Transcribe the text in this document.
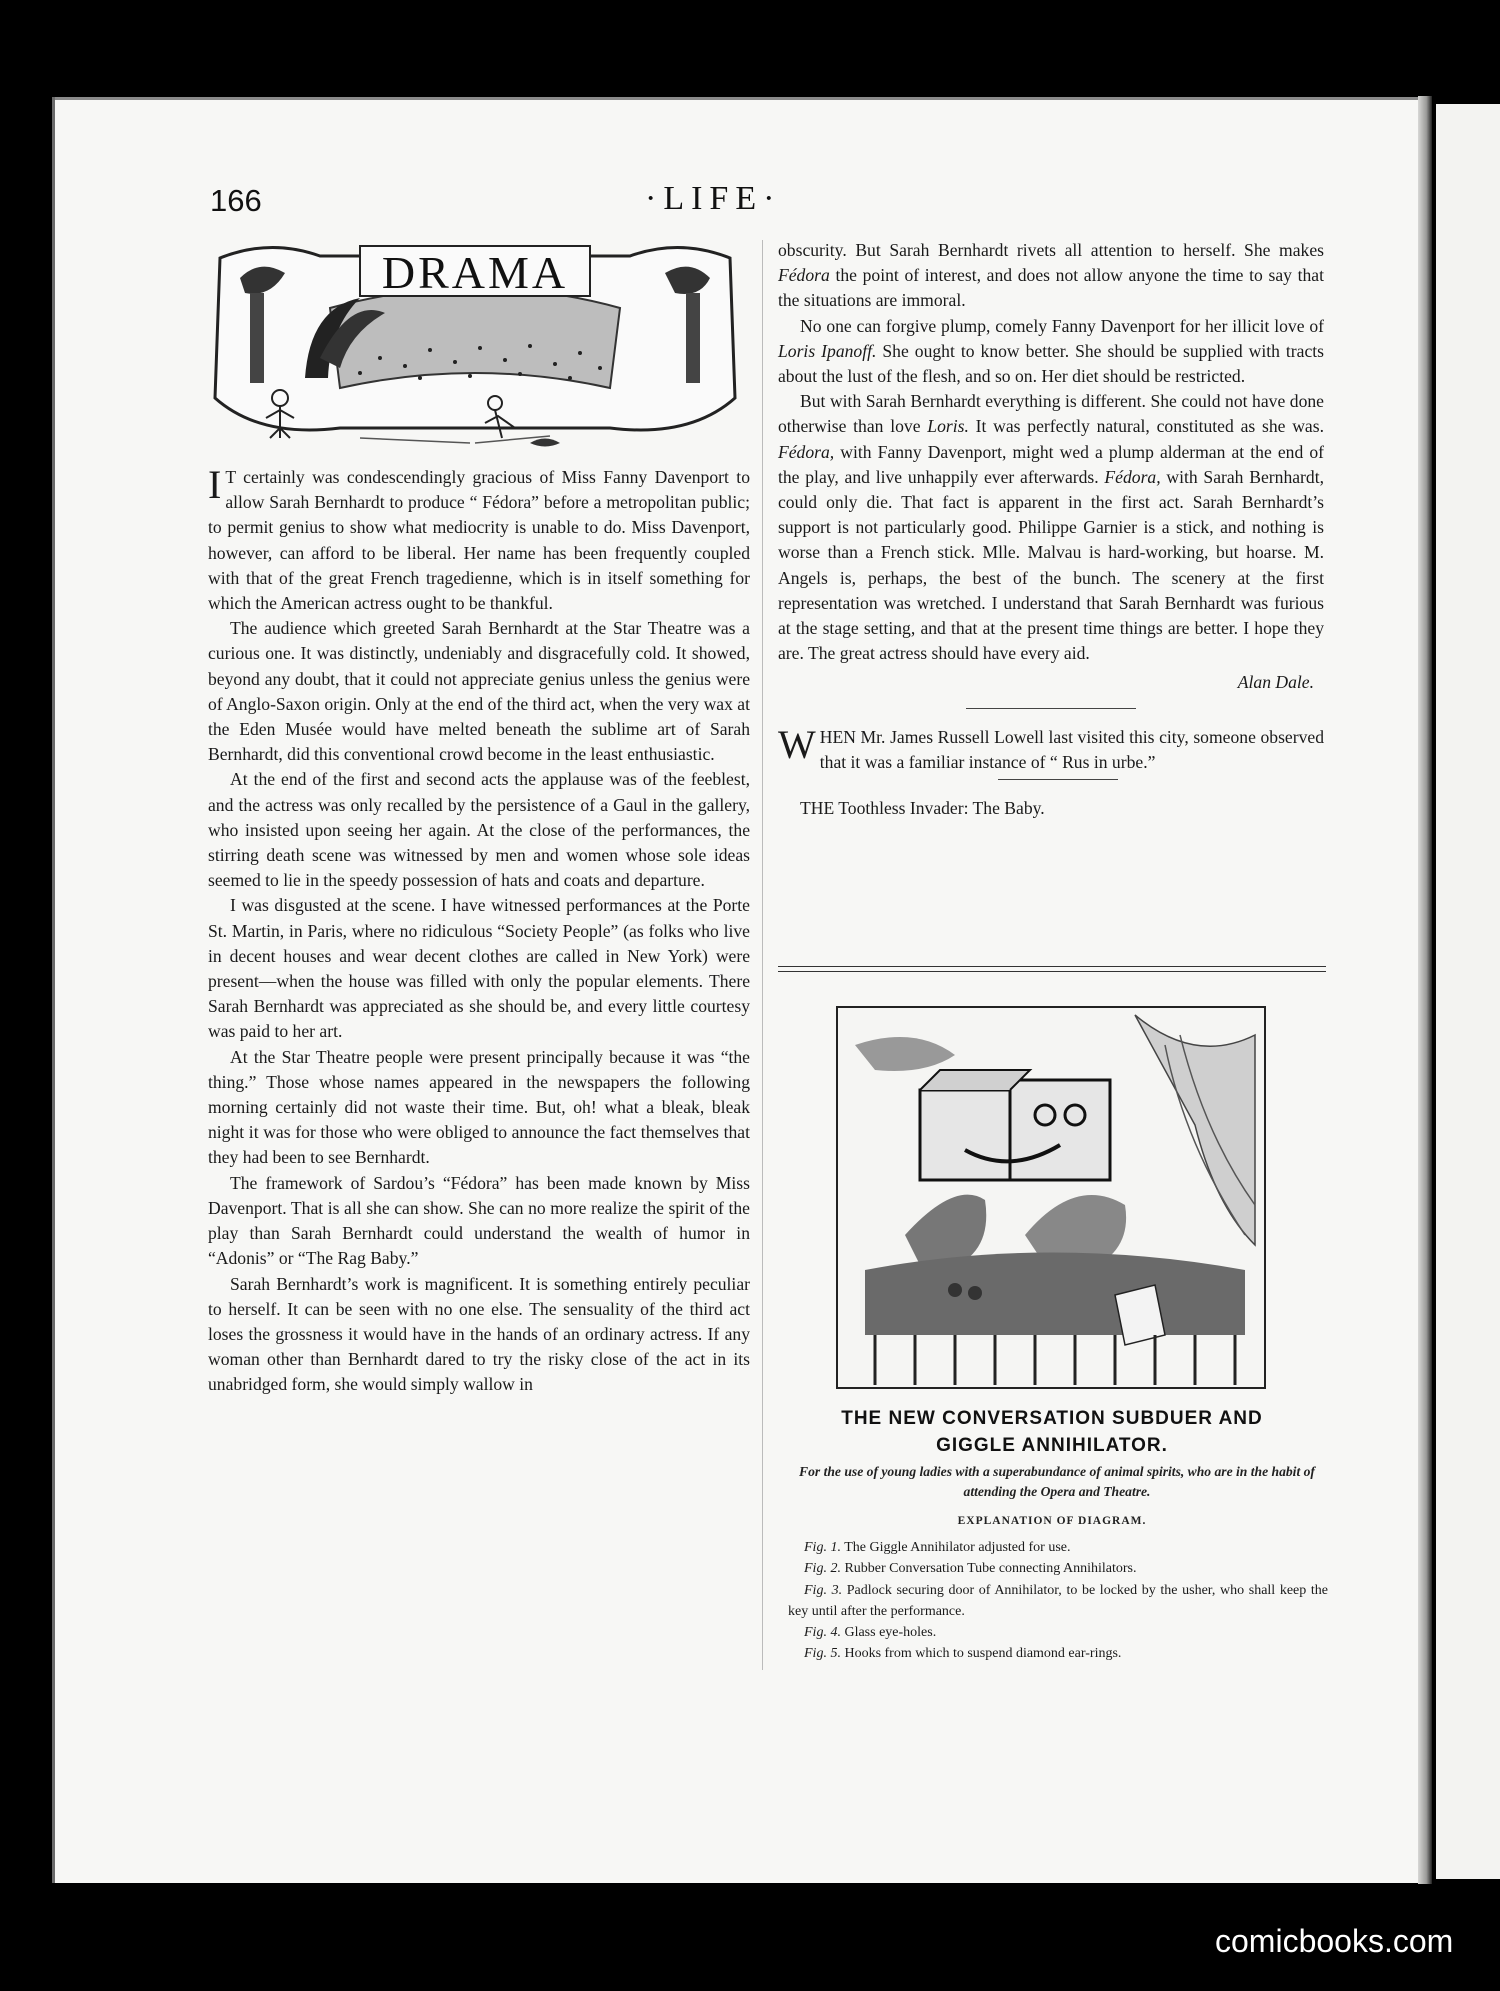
166	·LIFE·
DRAMA

I T certainly was condescendingly gracious of Miss Fanny Davenport to allow Sarah Bernhardt to produce “ Fédora” before a metropolitan public; to permit genius to show what mediocrity is unable to do. Miss Davenport, however, can afford to be liberal. Her name has been frequently coupled with that of the great French tragedienne, which is in itself something for which the American actress ought to be thankful.

The audience which greeted Sarah Bernhardt at the Star Theatre was a curious one. It was distinctly, undeniably and disgracefully cold. It showed, beyond any doubt, that it could not appreciate genius unless the genius were of Anglo-Saxon origin. Only at the end of the third act, when the very wax at the Eden Musée would have melted beneath the sublime art of Sarah Bernhardt, did this conventional crowd become in the least enthusiastic.

At the end of the first and second acts the applause was of the feeblest, and the actress was only recalled by the persistence of a Gaul in the gallery, who insisted upon seeing her again. At the close of the performances, the stirring death scene was witnessed by men and women whose sole ideas seemed to lie in the speedy possession of hats and coats and departure.

I was disgusted at the scene. I have witnessed performances at the Porte St. Martin, in Paris, where no ridiculous “Society People” (as folks who live in decent houses and wear decent clothes are called in New York) were present—when the house was filled with only the popular elements. There Sarah Bernhardt was appreciated as she should be, and every little courtesy was paid to her art.

At the Star Theatre people were present principally because it was “the thing.” Those whose names appeared in the newspapers the following morning certainly did not waste their time. But, oh! what a bleak, bleak night it was for those who were obliged to announce the fact themselves that they had been to see Bernhardt.

The framework of Sardou’s “Fédora” has been made known by Miss Davenport. That is all she can show. She can no more realize the spirit of the play than Sarah Bernhardt could understand the wealth of humor in “Adonis” or “The Rag Baby.”

Sarah Bernhardt’s work is magnificent. It is something entirely peculiar to herself. It can be seen with no one else. The sensuality of the third act loses the grossness it would have in the hands of an ordinary actress. If any woman other than Bernhardt dared to try the risky close of the act in its unabridged form, she would simply wallow in

obscurity. But Sarah Bernhardt rivets all attention to herself. She makes Fédora the point of interest, and does not allow anyone the time to say that the situations are immoral.

No one can forgive plump, comely Fanny Davenport for her illicit love of Loris Ipanoff. She ought to know better. She should be supplied with tracts about the lust of the flesh, and so on. Her diet should be restricted.

But with Sarah Bernhardt everything is different. She could not have done otherwise than love Loris. It was perfectly natural, constituted as she was. Fédora, with Fanny Davenport, might wed a plump alderman at the end of the play, and live unhappily ever afterwards. Fédora, with Sarah Bernhardt, could only die. That fact is apparent in the first act. Sarah Bernhardt’s support is not particularly good. Philippe Garnier is a stick, and nothing is worse than a French stick. Mlle. Malvau is hard-working, but hoarse. M. Angels is, perhaps, the best of the bunch. The scenery at the first representation was wretched. I understand that Sarah Bernhardt was furious at the stage setting, and that at the present time things are better. I hope they are. The great actress should have every aid.

Alan Dale.

WHEN Mr. James Russell Lowell last visited this city, someone observed that it was a familiar instance of “ Rus in urbe.”

THE Toothless Invader: The Baby.

THE NEW CONVERSATION SUBDUER AND
GIGGLE ANNIHILATOR.
For the use of young ladies with a superabundance of animal spirits, who are in the habit of attending the Opera and Theatre.
EXPLANATION OF DIAGRAM.
Fig. 1. The Giggle Annihilator adjusted for use.
Fig. 2. Rubber Conversation Tube connecting Annihilators.
Fig. 3. Padlock securing door of Annihilator, to be locked by the usher, who shall keep the key until after the performance.
Fig. 4. Glass eye-holes.
Fig. 5. Hooks from which to suspend diamond ear-rings.
comicbooks.com
